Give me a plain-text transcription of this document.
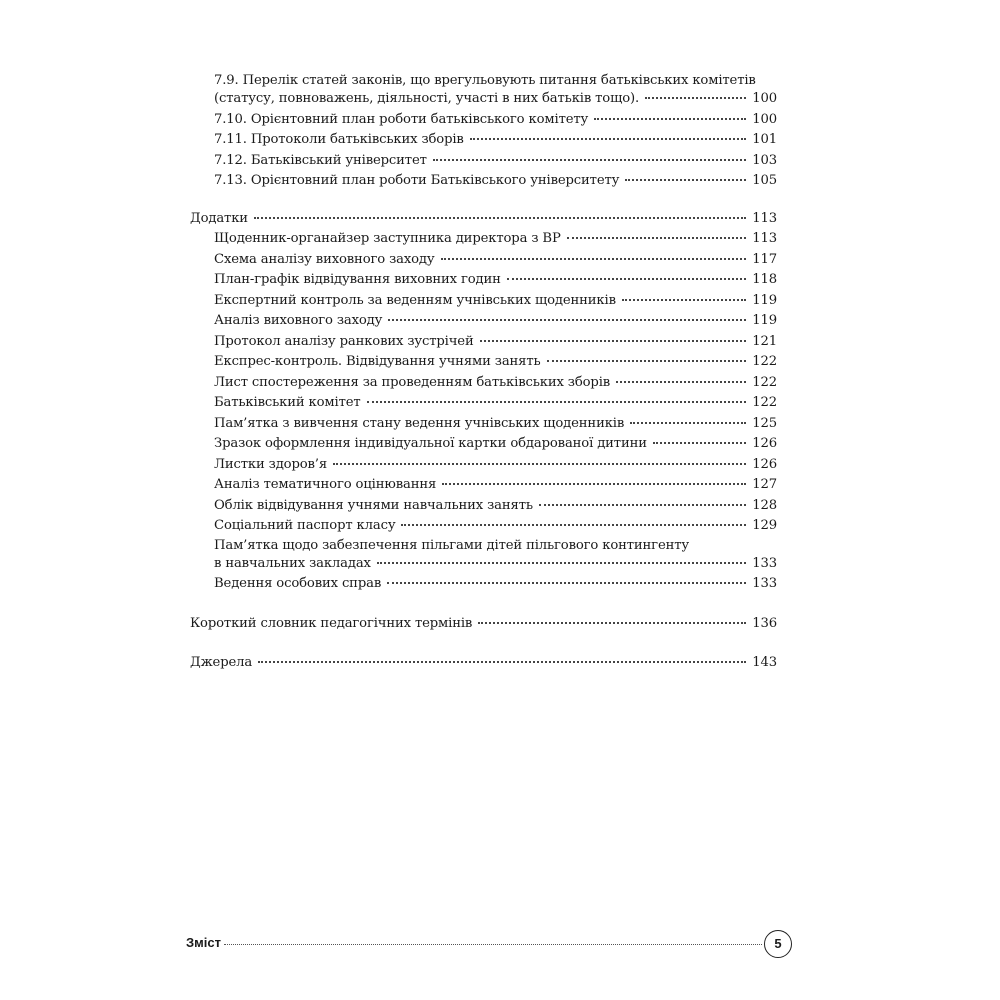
7.9. Перелік статей законів, що врегульовують питання батьківських комітетів
(статусу, повноважень, діяльності, участі в них батьків тощо).	100
7.10. Орієнтовний план роботи батьківського комітету	100
7.11. Протоколи батьківських зборів	101
7.12. Батьківський університет	103
7.13. Орієнтовний план роботи Батьківського університету	105
Додатки	113
Щоденник-органайзер заступника директора з ВР	113
Схема аналізу виховного заходу	117
План-графік відвідування виховних годин	118
Експертний контроль за веденням учнівських щоденників	119
Аналіз виховного заходу	119
Протокол аналізу ранкових зустрічей	121
Експрес-контроль. Відвідування учнями занять	122
Лист спостереження за проведенням батьківських зборів	122
Батьківський комітет	122
Пам’ятка з вивчення стану ведення учнівських щоденників	125
Зразок оформлення індивідуальної картки обдарованої дитини	126
Листки здоров’я	126
Аналіз тематичного оцінювання	127
Облік відвідування учнями навчальних занять	128
Соціальний паспорт класу	129
Пам’ятка щодо забезпечення пільгами дітей пільгового контингенту
в навчальних закладах	133
Ведення особових справ	133
Короткий словник педагогічних термінів	136
Джерела	143
Зміст	5
